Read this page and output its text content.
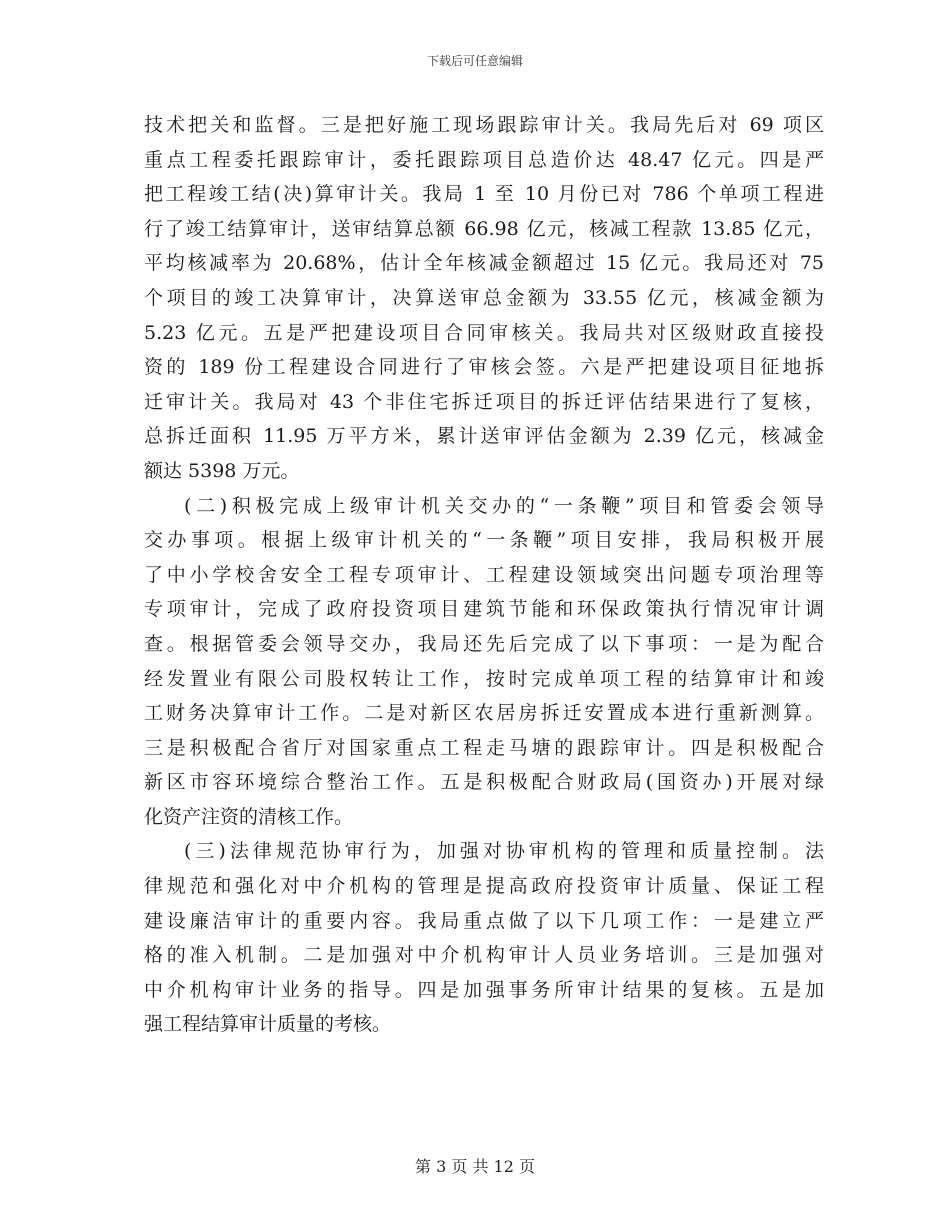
下载后可任意编辑
技术把关和监督。三是把好施工现场跟踪审计关。我局先后对 69 项区
重点工程委托跟踪审计，委托跟踪项目总造价达 48.47 亿元。四是严
把工程竣工结(决)算审计关。我局 1 至 10 月份已对 786 个单项工程进
行了竣工结算审计，送审结算总额 66.98 亿元，核减工程款 13.85 亿元，
平均核减率为 20.68%，估计全年核减金额超过 15 亿元。我局还对 75
个项目的竣工决算审计，决算送审总金额为 33.55 亿元，核减金额为
5.23 亿元。五是严把建设项目合同审核关。我局共对区级财政直接投
资的 189 份工程建设合同进行了审核会签。六是严把建设项目征地拆
迁审计关。我局对 43 个非住宅拆迁项目的拆迁评估结果进行了复核，
总拆迁面积 11.95 万平方米，累计送审评估金额为 2.39 亿元，核减金
额达 5398 万元。
(二)积极完成上级审计机关交办的“一条鞭”项目和管委会领导
交办事项。根据上级审计机关的“一条鞭”项目安排，我局积极开展
了中小学校舍安全工程专项审计、工程建设领域突出问题专项治理等
专项审计，完成了政府投资项目建筑节能和环保政策执行情况审计调
查。根据管委会领导交办，我局还先后完成了以下事项：一是为配合
经发置业有限公司股权转让工作，按时完成单项工程的结算审计和竣
工财务决算审计工作。二是对新区农居房拆迁安置成本进行重新测算。
三是积极配合省厅对国家重点工程走马塘的跟踪审计。四是积极配合
新区市容环境综合整治工作。五是积极配合财政局(国资办)开展对绿
化资产注资的清核工作。
(三)法律规范协审行为，加强对协审机构的管理和质量控制。法
律规范和强化对中介机构的管理是提高政府投资审计质量、保证工程
建设廉洁审计的重要内容。我局重点做了以下几项工作：一是建立严
格的准入机制。二是加强对中介机构审计人员业务培训。三是加强对
中介机构审计业务的指导。四是加强事务所审计结果的复核。五是加
强工程结算审计质量的考核。
第 3 页 共 12 页
